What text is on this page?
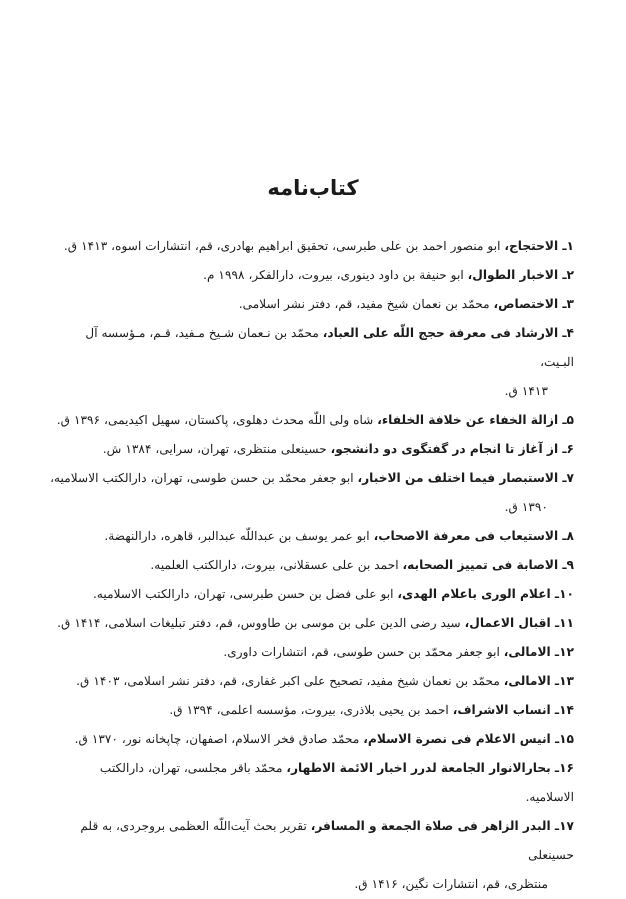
کتاب‌نامه
۱ـ الاحتجاج، ابو منصور احمد بن علی طبرسی، تحقیق ابراهیم بهادری، قم، انتشارات اسوه، ۱۴۱۳ ق.
۲ـ الاخبار الطوال، ابو حنیفة بن داود دینوری، بیروت، دارالفکر، ۱۹۹۸ م.
۳ـ الاختصاص، محمّد بن نعمان شیخ مفید، قم، دفتر نشر اسلامی.
۴ـ الارشاد فی معرفة حجج اللّه علی العباد، محمّد بن نـعمان شـیخ مـفید، قـم، مـؤسسه آل البـیت،
۱۴۱۳ ق.
۵ـ ازالة الخفاء عن خلافة الخلفاء، شاه ولی اللّه محدث دهلوی، پاکستان، سهیل اکیدیمی، ۱۳۹۶ ق.
۶ـ از آغاز تا انجام در گفتگوی دو دانشجو، حسینعلی منتظری، تهران، سرایی، ۱۳۸۴ ش.
۷ـ الاستبصار فیما اختلف من الاخبار، ابو جعفر محمّد بن حسن طوسی، تهران، دارالکتب الاسلامیه،
۱۳۹۰ ق.
۸ـ الاستیعاب فی معرفة الاصحاب، ابو عمر یوسف بن عبداللّه عبدالبر، قاهره، دارالنهضة.
۹ـ الاصابة فی تمییز الصحابه، احمد بن علی عسقلانی، بیروت، دارالکتب العلمیه.
۱۰ـ اعلام الوری باعلام الهدی، ابو علی فضل بن حسن طبرسی، تهران، دارالکتب الاسلامیه.
۱۱ـ اقبال الاعمال، سید رضی الدین علی بن موسی بن طاووس، قم، دفتر تبلیغات اسلامی، ۱۴۱۴ ق.
۱۲ـ الامالی، ابو جعفر محمّد بن حسن طوسی، قم، انتشارات داوری.
۱۳ـ الامالی، محمّد بن نعمان شیخ مفید، تصحیح علی اکبر غفاری، قم، دفتر نشر اسلامی، ۱۴۰۳ ق.
۱۴ـ انساب الاشراف، احمد بن یحیی بلاذری، بیروت، مؤسسه اعلمی، ۱۳۹۴ ق.
۱۵ـ انیس الاعلام فی نصرة الاسلام، محمّد صادق فخر الاسلام، اصفهان، چاپخانه نور، ۱۳۷۰ ق.
۱۶ـ بحارالانوار الجامعة لدرر اخبار الائمة الاطهار، محمّد باقر مجلسی، تهران، دارالکتب الاسلامیه.
۱۷ـ البدر الزاهر فی صلاة الجمعة و المسافر، تقریر بحث آیت‌اللّه العظمی بروجردی، به قلم حسینعلی
منتظری، قم، انتشارات نگین، ۱۴۱۶ ق.
